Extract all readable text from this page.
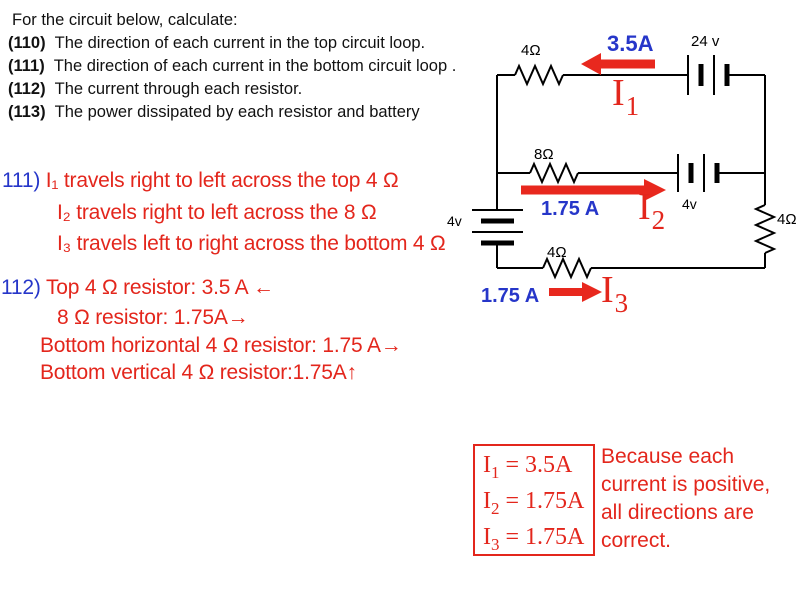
For the circuit below, calculate:
(110) The direction of each current in the top circuit loop.
(111) The direction of each current in the bottom circuit loop .
(112) The current through each resistor.
(113) The power dissipated by each resistor and battery
111) I₁ travels right to left across the top 4 Ω
I₂ travels right to left across the 8 Ω
I₃ travels left to right across the bottom 4 Ω
112) Top 4 Ω resistor: 3.5 A ←
8 Ω resistor: 1.75A→
Bottom horizontal 4 Ω resistor: 1.75 A→
Bottom vertical 4 Ω resistor:1.75A↑
24 v
4Ω
8Ω
4v
4Ω
4Ω
4v
3.5A
1.75 A
1.75 A
$I_1$
$I_2$
$I_3$
$I_1 = 3.5A$
$I_2 = 1.75A$
$I_3 = 1.75A$
Because each current is positive, all directions are correct.
